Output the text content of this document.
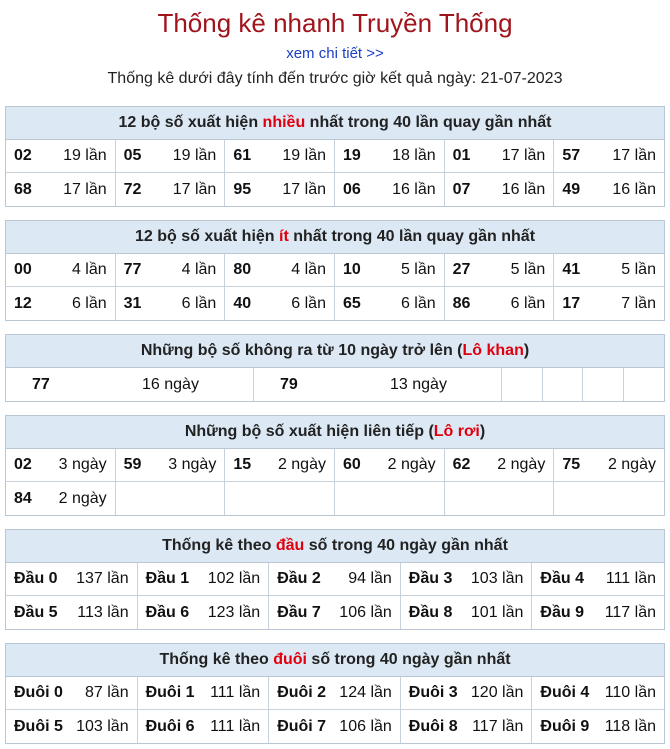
Thống kê nhanh Truyền Thống
xem chi tiết >>
Thống kê dưới đây tính đến trước giờ kết quả ngày: 21-07-2023
12 bộ số xuất hiện nhiều nhất trong 40 lần quay gần nhất
02 19 lần 05 19 lần 61 19 lần 19 18 lần 01 17 lần 57 17 lần
68 17 lần 72 17 lần 95 17 lần 06 16 lần 07 16 lần 49 16 lần
12 bộ số xuất hiện ít nhất trong 40 lần quay gần nhất
00	4 lần 77	4 lần 80	4 lần 10	5 lần 27	5 lần 41	5 lần
12	6 lần 31	6 lần 40	6 lần 65	6 lần 86	6 lần 17	7 lần
Những bộ số không ra từ 10 ngày trở lên (Lô khan)
77	16 ngày	79	13 ngày
Những bộ số xuất hiện liên tiếp (Lô rơi)
02 3 ngày 59 3 ngày 15 2 ngày 60 2 ngày 62 2 ngày 75 2 ngày
84 2 ngày
Thống kê theo đầu số trong 40 ngày gần nhất
Đầu 0 137 lần Đầu 1 102 lần Đầu 2 94 lần Đầu 3 103 lần Đầu 4 111 lần
Đầu 5 113 lần Đầu 6 123 lần Đầu 7 106 lần Đầu 8 101 lần Đầu 9 117 lần
Thống kê theo đuôi số trong 40 ngày gần nhất
Đuôi 0 87 lần Đuôi 1 111 lần Đuôi 2 124 lần Đuôi 3 120 lần Đuôi 4 110 lần
Đuôi 5 103 lần Đuôi 6 111 lần Đuôi 7 106 lần Đuôi 8 117 lần Đuôi 9 118 lần
